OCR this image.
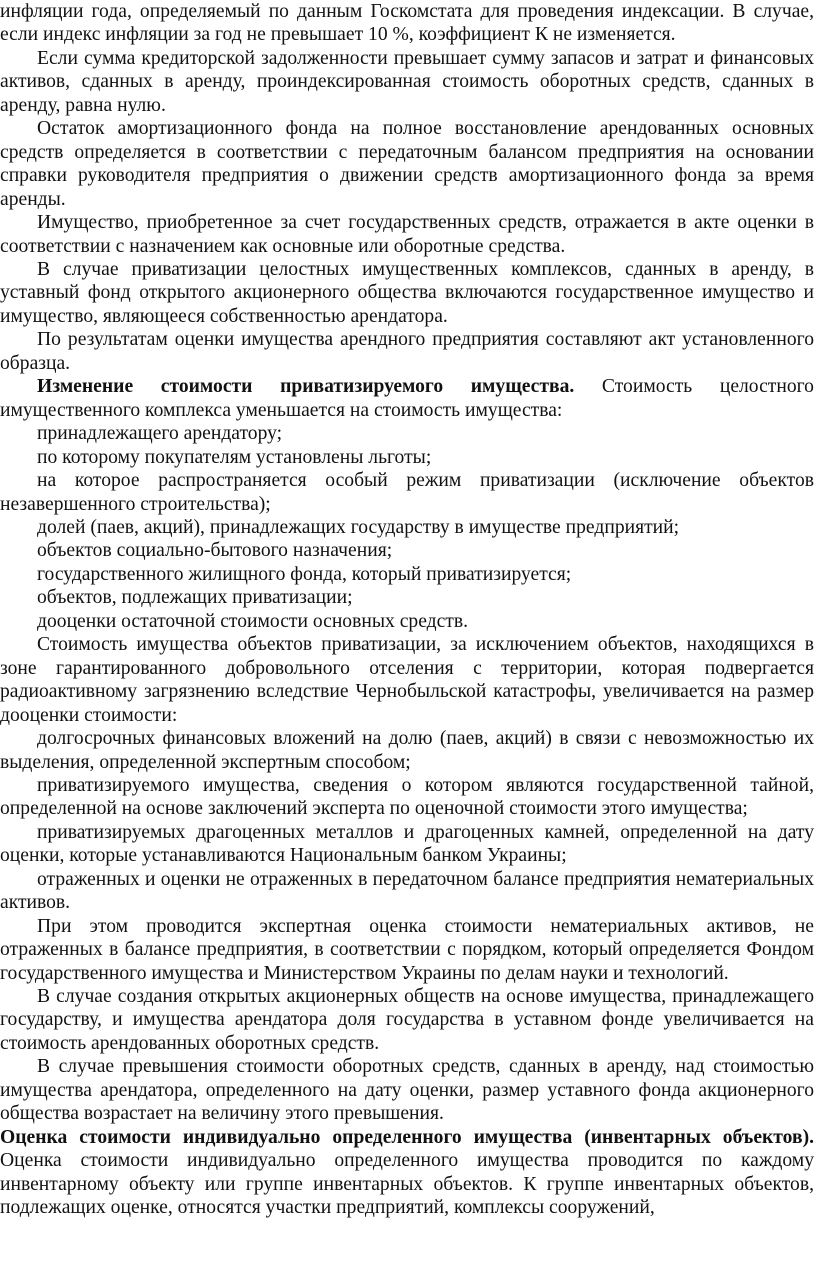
инфляции года, определяемый по данным Госкомстата для проведения индексации. В случае, если индекс инфляции за год не превышает 10 %, коэффициент К не изменяется.

Если сумма кредиторской задолженности превышает сумму запасов и затрат и финансовых активов, сданных в аренду, проиндексированная стоимость оборотных средств, сданных в аренду, равна нулю.

Остаток амортизационного фонда на полное восстановление арендованных основных средств определяется в соответствии с передаточным балансом предприятия на основании справки руководителя предприятия о движении средств амортизационного фонда за время аренды.

Имущество, приобретенное за счет государственных средств, отражается в акте оценки в соответствии с назначением как основные или оборотные средства.

В случае приватизации целостных имущественных комплексов, сданных в аренду, в уставный фонд открытого акционерного общества включаются государственное имущество и имущество, являющееся собственностью арендатора.

По результатам оценки имущества арендного предприятия составляют акт установленного образца.

Изменение стоимости приватизируемого имущества. Стоимость целостного имущественного комплекса уменьшается на стоимость имущества:

принадлежащего арендатору;

по которому покупателям установлены льготы;

на которое распространяется особый режим приватизации (исключение объектов незавершенного строительства);

долей (паев, акций), принадлежащих государству в имуществе предприятий;

объектов социально-бытового назначения;

государственного жилищного фонда, который приватизируется;

объектов, подлежащих приватизации;

дооценки остаточной стоимости основных средств.

Стоимость имущества объектов приватизации, за исключением объектов, находящихся в зоне гарантированного добровольного отселения с территории, которая подвергается радиоактивному загрязнению вследствие Чернобыльской катастрофы, увеличивается на размер дооценки стоимости:

долгосрочных финансовых вложений на долю (паев, акций) в связи с невозможностью их выделения, определенной экспертным способом;

приватизируемого имущества, сведения о котором являются государственной тайной, определенной на основе заключений эксперта по оценочной стоимости этого имущества;

приватизируемых драгоценных металлов и драгоценных камней, определенной на дату оценки, которые устанавливаются Национальным банком Украины;

отраженных и оценки не отраженных в передаточном балансе предприятия нематериальных активов.

При этом проводится экспертная оценка стоимости нематериальных активов, не отраженных в балансе предприятия, в соответствии с порядком, который определяется Фондом государственного имущества и Министерством Украины по делам науки и технологий.

В случае создания открытых акционерных обществ на основе имущества, принадлежащего государству, и имущества арендатора доля государства в уставном фонде увеличивается на стоимость арендованных оборотных средств.

В случае превышения стоимости оборотных средств, сданных в аренду, над стоимостью имущества арендатора, определенного на дату оценки, размер уставного фонда акционерного общества возрастает на величину этого превышения.

Оценка стоимости индивидуально определенного имущества (инвентарных объектов). Оценка стоимости индивидуально определенного имущества проводится по каждому инвентарному объекту или группе инвентарных объектов. К группе инвентарных объектов, подлежащих оценке, относятся участки предприятий, комплексы сооружений,
